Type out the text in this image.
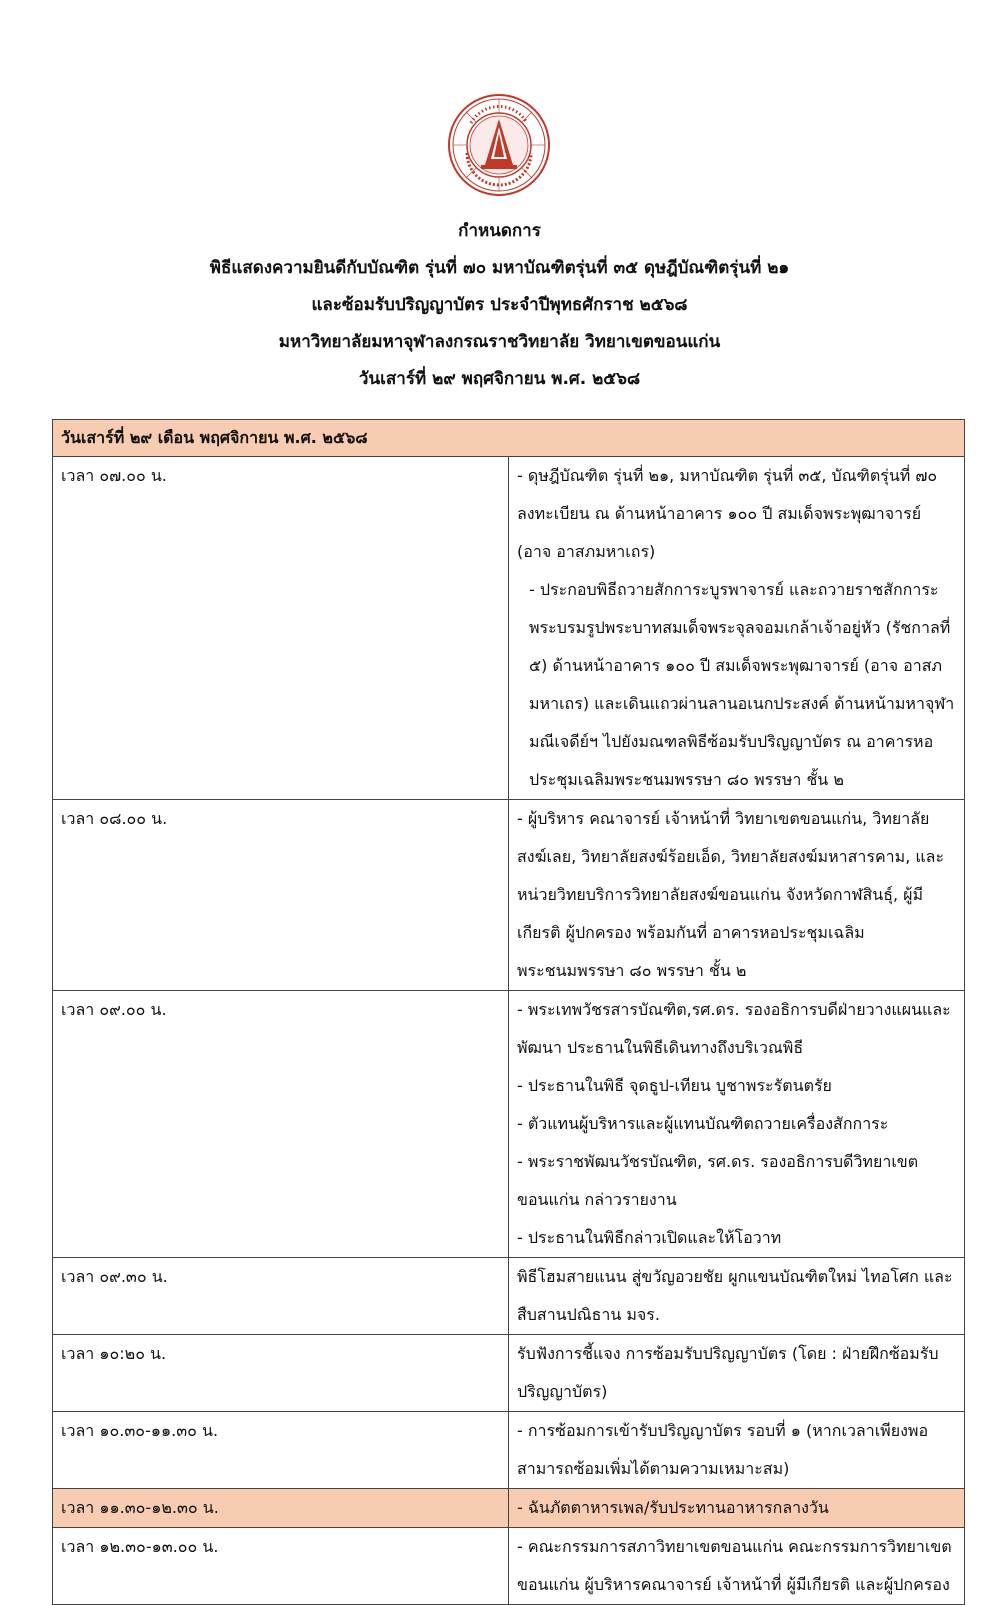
กำหนดการ
พิธีแสดงความยินดีกับบัณฑิต รุ่นที่ ๗๐ มหาบัณฑิตรุ่นที่ ๓๕ ดุษฎีบัณฑิตรุ่นที่ ๒๑
และซ้อมรับปริญญาบัตร ประจำปีพุทธศักราช ๒๕๖๘
มหาวิทยาลัยมหาจุฬาลงกรณราชวิทยาลัย วิทยาเขตขอนแก่น
วันเสาร์ที่ ๒๙ พฤศจิกายน พ.ศ. ๒๕๖๘
วันเสาร์ที่ ๒๙ เดือน พฤศจิกายน พ.ศ. ๒๕๖๘	
เวลา ๐๗.๐๐ น.	- ดุษฎีบัณฑิต รุ่นที่ ๒๑, มหาบัณฑิต รุ่นที่ ๓๕, บัณฑิตรุ่นที่ ๗๐ ลงทะเบียน ณ ด้านหน้าอาคาร ๑๐๐ ปี สมเด็จพระพุฒาจารย์ (อาจ อาสภมหาเถร)
- ประกอบพิธีถวายสักการะบูรพาจารย์ และถวายราชสักการะพระบรมรูปพระบาทสมเด็จพระจุลจอมเกล้าเจ้าอยู่หัว (รัชกาลที่ ๕) ด้านหน้าอาคาร ๑๐๐ ปี สมเด็จพระพุฒาจารย์ (อาจ อาสภมหาเถร) และเดินแถวผ่านลานอเนกประสงค์ ด้านหน้ามหาจุฬามณีเจดีย์ฯ ไปยังมณฑลพิธีซ้อมรับปริญญาบัตร ณ อาคารหอประชุมเฉลิมพระชนมพรรษา ๘๐ พรรษา ชั้น ๒

เวลา ๐๘.๐๐ น.	- ผู้บริหาร คณาจารย์ เจ้าหน้าที่ วิทยาเขตขอนแก่น, วิทยาลัยสงฆ์เลย, วิทยาลัยสงฆ์ร้อยเอ็ด, วิทยาลัยสงฆ์มหาสารคาม, และหน่วยวิทยบริการวิทยาลัยสงฆ์ขอนแก่น จังหวัดกาฬสินธุ์, ผู้มีเกียรติ ผู้ปกครอง พร้อมกันที่ อาคารหอประชุมเฉลิมพระชนมพรรษา ๘๐ พรรษา ชั้น ๒

เวลา ๐๙.๐๐ น.	- พระเทพวัชรสารบัณฑิต,รศ.ดร. รองอธิการบดีฝ่ายวางแผนและพัฒนา ประธานในพิธีเดินทางถึงบริเวณพิธี
- ประธานในพิธี จุดธูป-เทียน บูชาพระรัตนตรัย
- ตัวแทนผู้บริหารและผู้แทนบัณฑิตถวายเครื่องสักการะ
- พระราชพัฒนวัชรบัณฑิต, รศ.ดร. รองอธิการบดีวิทยาเขตขอนแก่น กล่าวรายงาน
- ประธานในพิธีกล่าวเปิดและให้โอวาท

เวลา ๐๙.๓๐ น.	พิธีโฮมสายแนน สู่ขวัญอวยชัย ผูกแขนบัณฑิตใหม่ ไทอโศก และ สืบสานปณิธาน มจร.

เวลา ๑๐:๒๐ น.	รับฟังการชี้แจง การซ้อมรับปริญญาบัตร (โดย : ฝ่ายฝึกซ้อมรับปริญญาบัตร)

เวลา ๑๐.๓๐-๑๑.๓๐ น.	- การซ้อมการเข้ารับปริญญาบัตร รอบที่ ๑ (หากเวลาเพียงพอ สามารถซ้อมเพิ่มได้ตามความเหมาะสม)

เวลา ๑๑.๓๐-๑๒.๓๐ น.	- ฉันภัตตาหารเพล/รับประทานอาหารกลางวัน

เวลา ๑๒.๓๐-๑๓.๐๐ น.	- คณะกรรมการสภาวิทยาเขตขอนแก่น คณะกรรมการวิทยาเขตขอนแก่น ผู้บริหารคณาจารย์ เจ้าหน้าที่ ผู้มีเกียรติ และผู้ปกครอง
